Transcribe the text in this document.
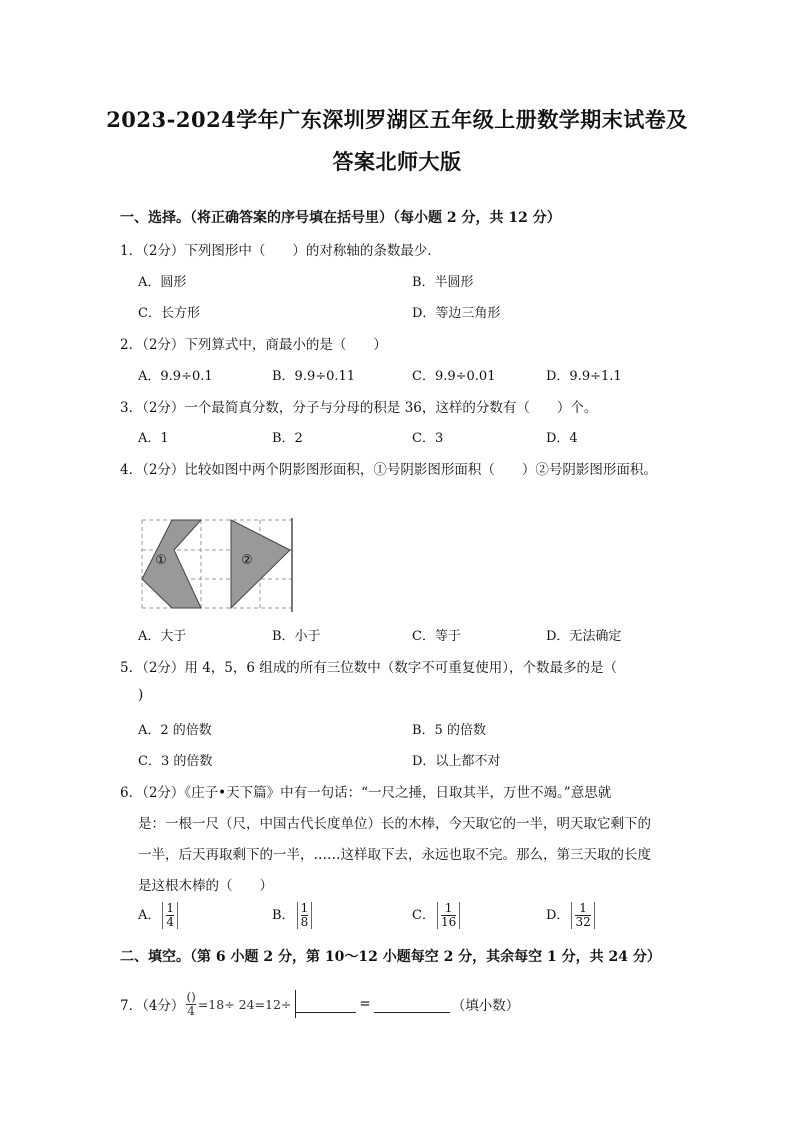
2023-2024学年广东深圳罗湖区五年级上册数学期末试卷及
答案北师大版
一、选择。（将正确答案的序号填在括号里）（每小题 2 分，共 12 分）
1．（2分）下列图形中（　　）的对称轴的条数最少．
A．圆形	B．半圆形
C．长方形	D．等边三角形
2．（2分）下列算式中，商最小的是（　　）
A．9.9÷0.1	B．9.9÷0.11	C．9.9÷0.01	D．9.9÷1.1
3．（2分）一个最简真分数，分子与分母的积是 36，这样的分数有（　　）个。
A．1	B．2	C．3	D．4
4．（2分）比较如图中两个阴影图形面积，①号阴影图形面积（　　）②号阴影图形面积。
①	②
A．大于	B．小于	C．等于	D．无法确定
5．（2分）用 4，5，6 组成的所有三位数中（数字不可重复使用），个数最多的是（
)
A．2 的倍数	B．5 的倍数
C．3 的倍数	D．以上都不对
6．（2分）《庄子•天下篇》中有一句话：“一尺之捶，日取其半，万世不竭。”意思就
是：一根一尺（尺，中国古代长度单位）长的木棒，今天取它的一半，明天取它剩下的
一半，后天再取剩下的一半，……这样取下去，永远也取不完。那么，第三天取的长度
是这根木棒的（　　）
A． $\frac{1}{4}$	B． $\frac{1}{8}$	C． $\frac{1}{16}$	D． $\frac{1}{32}$
二、填空。（第 6 小题 2 分，第 10～12 小题每空 2 分，其余每空 1 分，共 24 分）
7．（4分）
()
4 =18÷ 24=12÷	=	（填小数）
